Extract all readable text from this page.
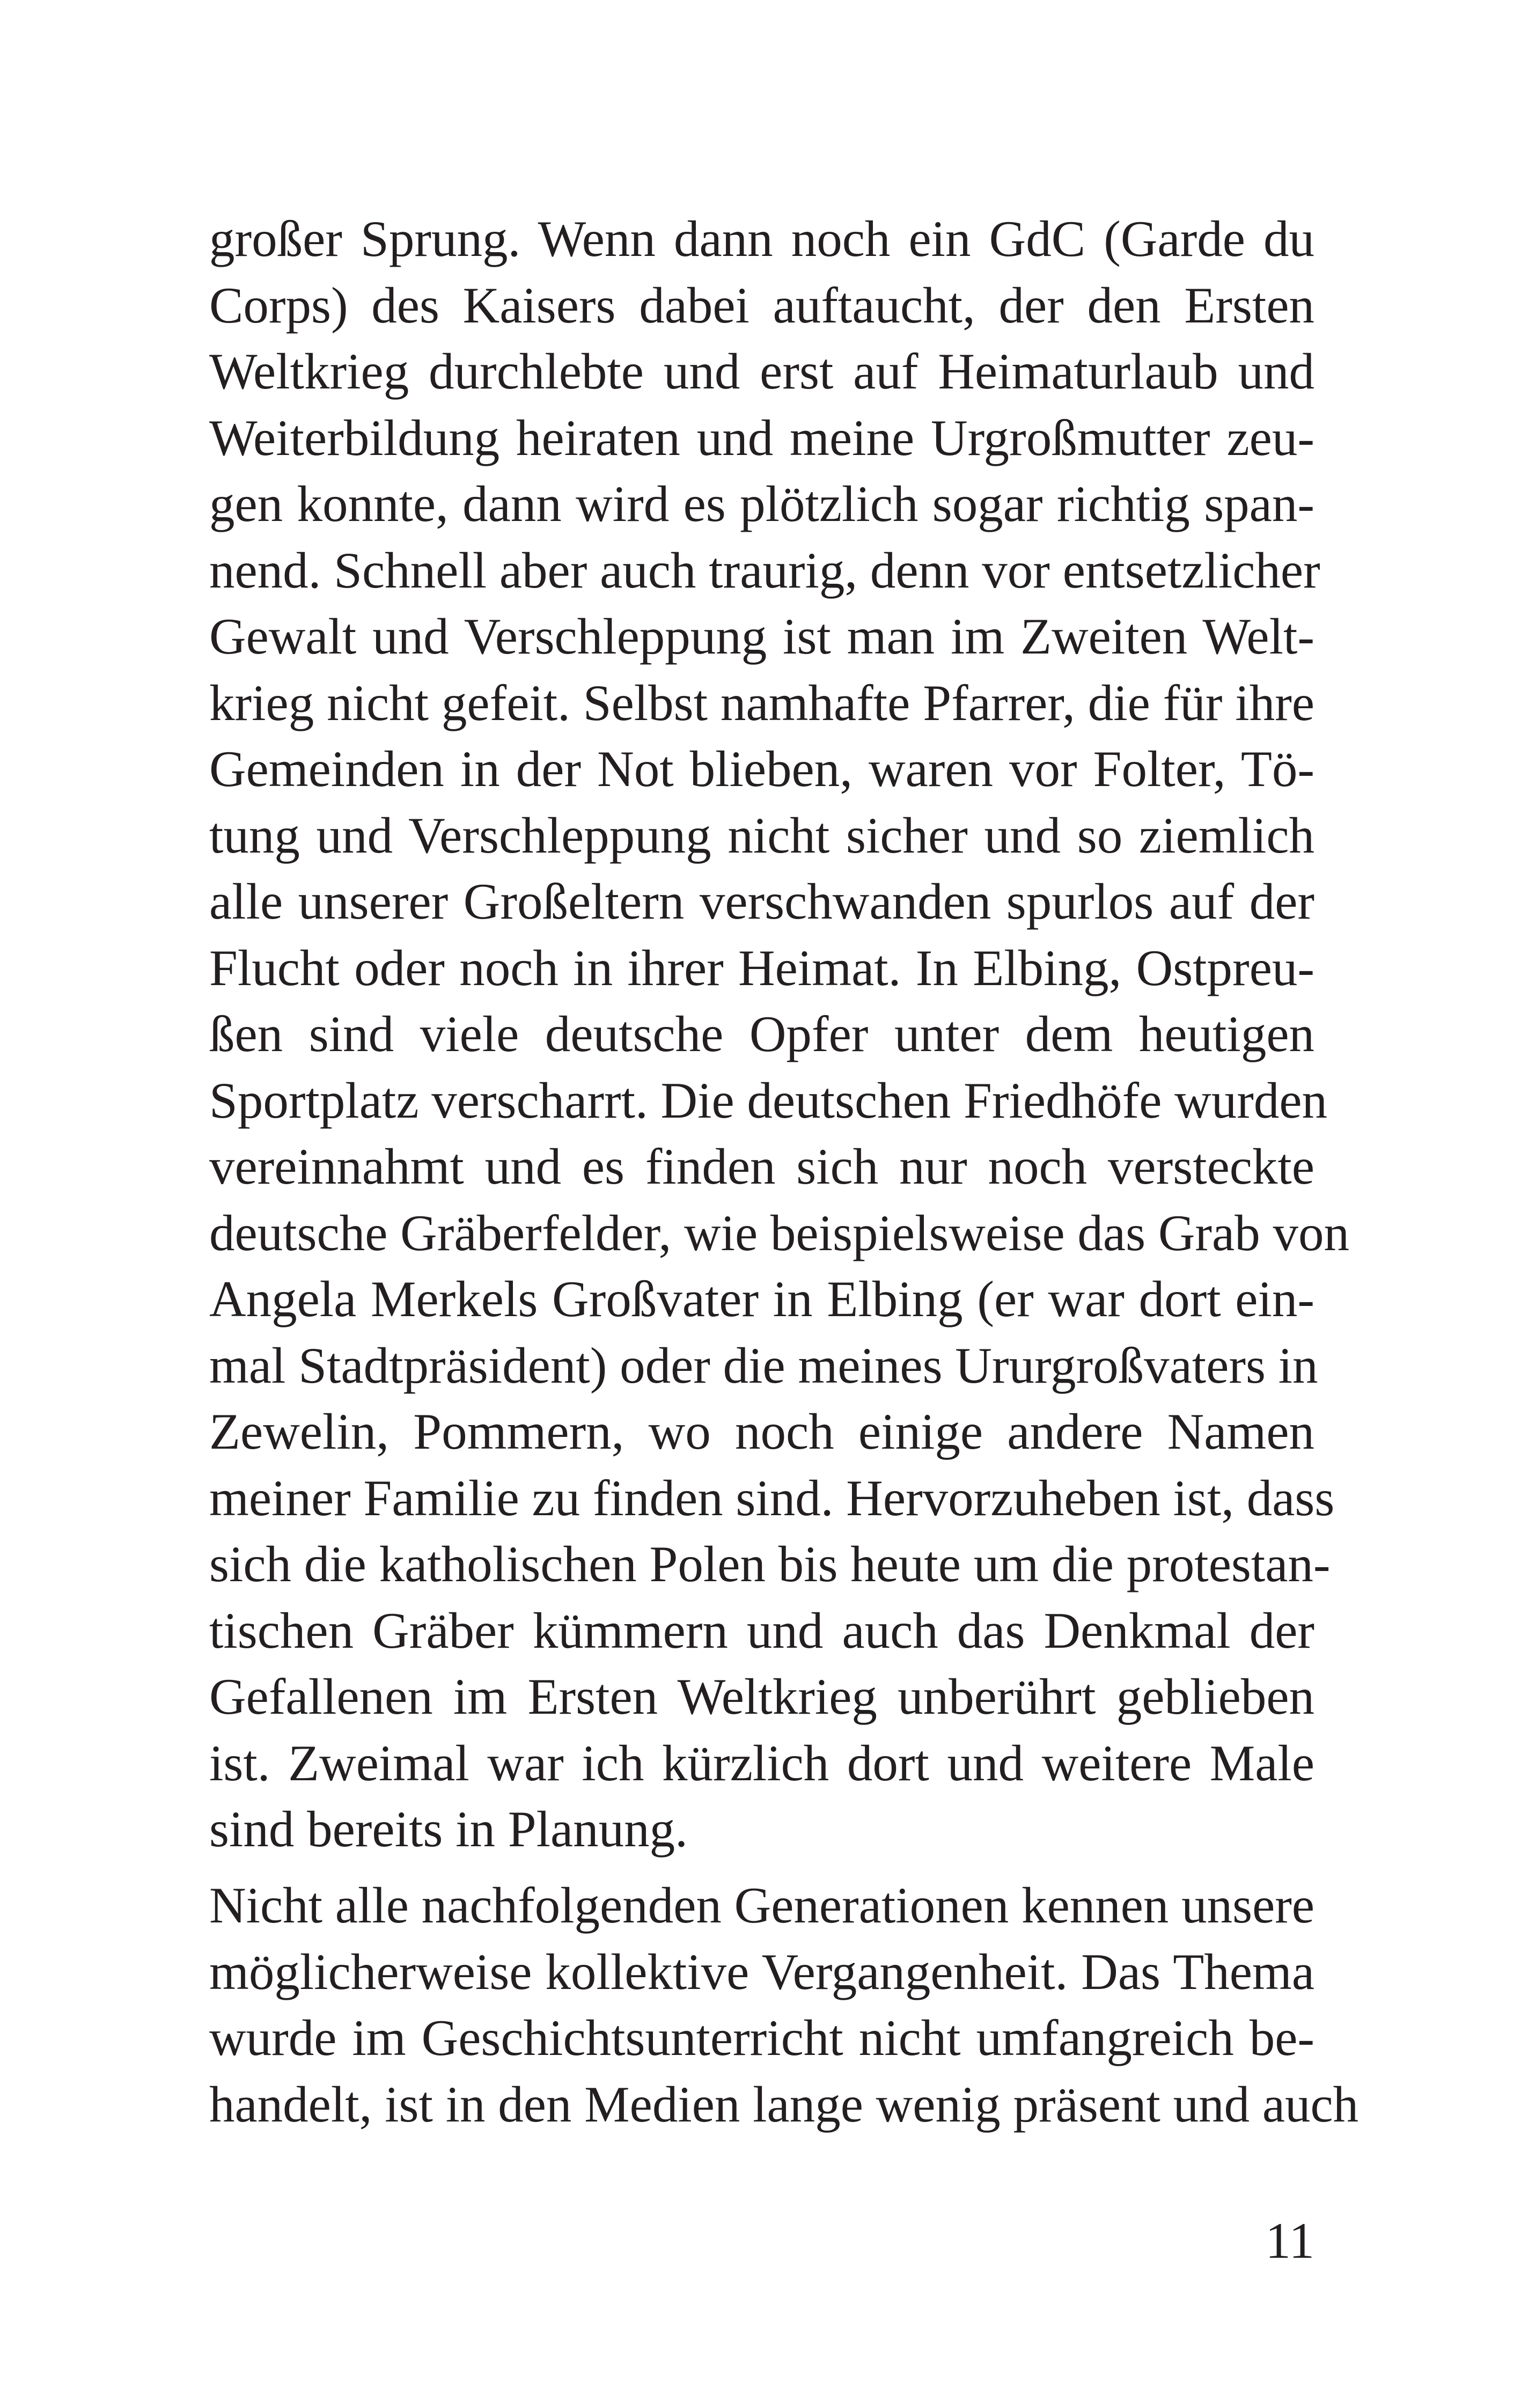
großer Sprung. Wenn dann noch ein GdC (Garde du
Corps) des Kaisers dabei auftaucht, der den Ersten
Weltkrieg durchlebte und erst auf Heimaturlaub und
Weiterbildung heiraten und meine Urgroßmutter zeu-
gen konnte, dann wird es plötzlich sogar richtig span-
nend. Schnell aber auch traurig, denn vor entsetzlicher
Gewalt und Verschleppung ist man im Zweiten Welt-
krieg nicht gefeit. Selbst namhafte Pfarrer, die für ihre
Gemeinden in der Not blieben, waren vor Folter, Tö-
tung und Verschleppung nicht sicher und so ziemlich
alle unserer Großeltern verschwanden spurlos auf der
Flucht oder noch in ihrer Heimat. In Elbing, Ostpreu-
ßen sind viele deutsche Opfer unter dem heutigen
Sportplatz verscharrt. Die deutschen Friedhöfe wurden
vereinnahmt und es finden sich nur noch versteckte
deutsche Gräberfelder, wie beispielsweise das Grab von
Angela Merkels Großvater in Elbing (er war dort ein-
mal Stadtpräsident) oder die meines Ururgroßvaters in
Zewelin, Pommern, wo noch einige andere Namen
meiner Familie zu finden sind. Hervorzuheben ist, dass
sich die katholischen Polen bis heute um die protestan-
tischen Gräber kümmern und auch das Denkmal der
Gefallenen im Ersten Weltkrieg unberührt geblieben
ist. Zweimal war ich kürzlich dort und weitere Male
sind bereits in Planung.
Nicht alle nachfolgenden Generationen kennen unsere
möglicherweise kollektive Vergangenheit. Das Thema
wurde im Geschichtsunterricht nicht umfangreich be-
handelt, ist in den Medien lange wenig präsent und auch
11
